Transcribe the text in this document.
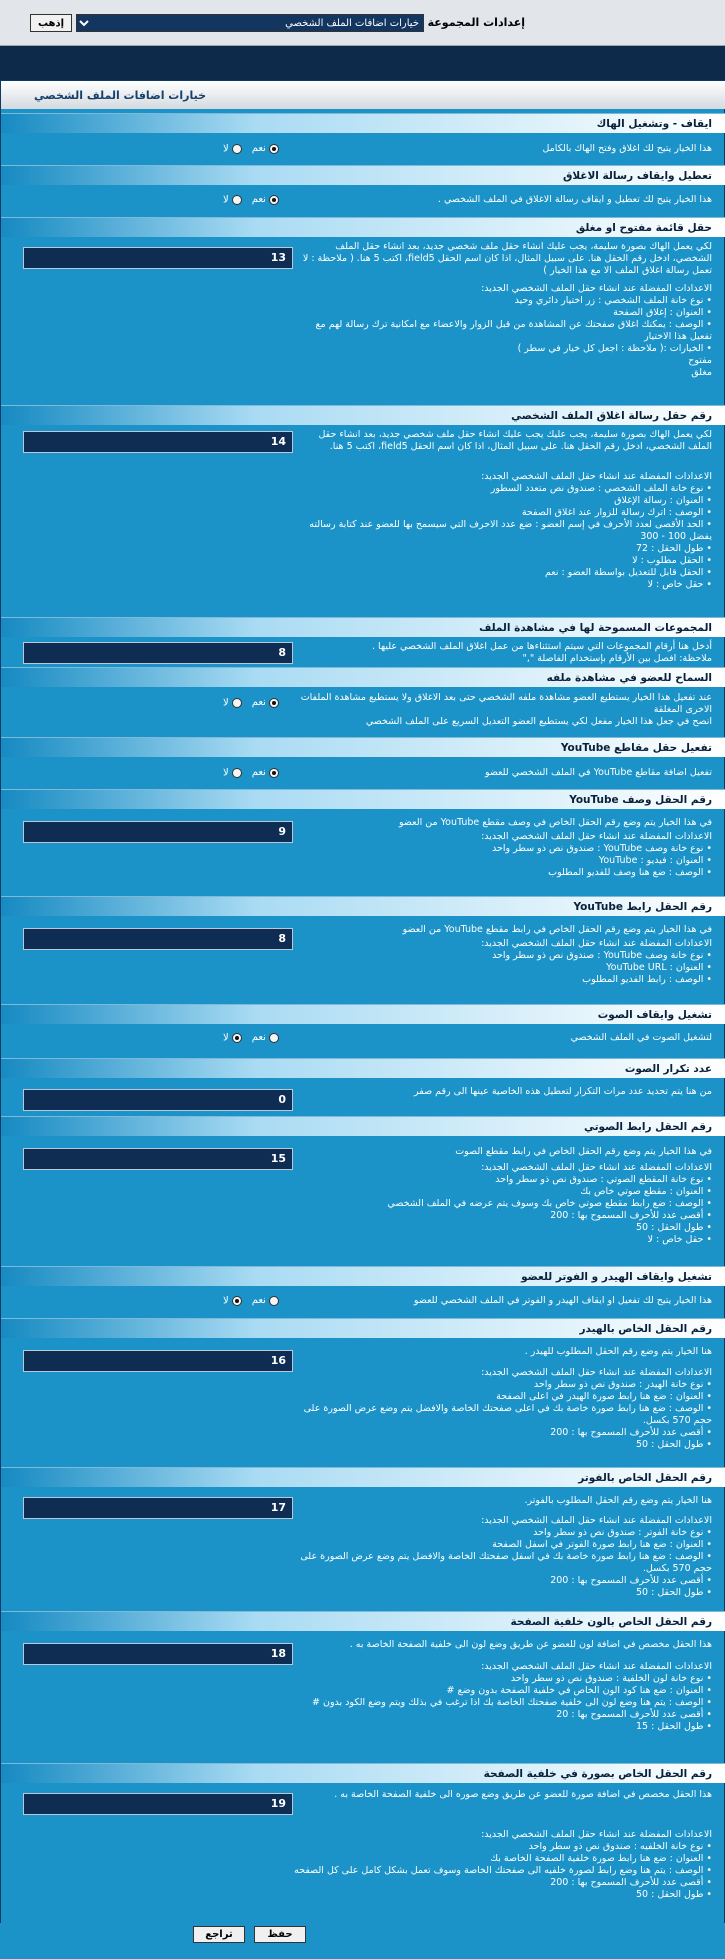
إعدادات المجموعة
خيارات اضافات الملف الشخصي
إذهب
خيارات اضافات الملف الشخصي
ايقاف - وتشغيل الهاك
هذا الخيار يتيح لك اغلاق وفتح الهاك بالكامل
نعملا
تعطيل وايقاف رسالة الاغلاق
هذا الخيار يتيح لك تعطيل و ايقاف رسالة الاغلاق في الملف الشخصي .
نعملا
حقل قائمة مفتوح او مغلق
13
لكي يعمل الهاك بصورة سليمة، يجب عليك انشاء حقل ملف شخصي جديد، بعد انشاء حقل الملف الشخصي، ادخل رقم الحقل هنا. على سبيل المثال، اذا كان اسم الحقل field5، اكتب 5 هنا. ( ملاحظة : لا تعمل رسالة اغلاق الملف الا مع هذا الخيار )
الاعدادات المفضلة عند انشاء حقل الملف الشخصي الجديد:
• نوع خانة الملف الشخصي : زر اختيار دائري وحيد
• العنوان : إغلاق الصفحة
• الوصف : يمكنك اغلاق صفحتك عن المشاهدة من قبل الزوار والاعضاء مع امكانية ترك رسالة لهم مع تفعيل هذا الاختيار
• الخيارات :( ملاحظة : اجعل كل خيار في سطر )
مفتوح
مغلق
رقم حقل رسالة اغلاق الملف الشخصي
14
لكي يعمل الهاك بصورة سليمة، يجب عليك يجب عليك انشاء حقل ملف شخصي جديد، بعد انشاء حقل الملف الشخصي، ادخل رقم الحقل هنا. على سبيل المثال، اذا كان اسم الحقل field5، اكتب 5 هنا.
الاعدادات المفضلة عند انشاء حقل الملف الشخصي الجديد:
• نوع خانة الملف الشخصي : صندوق نص متعدد السطور
• العنوان : رسالة الإغلاق
• الوصف : اترك رسالة للزوار عند اغلاق الصفحة
• الحد الأقصى لعدد الأحرف في إسم العضو : ضع عدد الاحرف التي سيسمح بها للعضو عند كتابة رسالته يفضل 100 - 300
• طول الحقل : 72
• الحقل مطلوب : لا
• الحقل قابل للتعديل بواسطة العضو : نعم
• حقل خاص : لا
المجموعات المسموحة لها في مشاهدة الملف
8	أدخل هنا أرقام المجموعات التي سيتم استثناءها من عمل اغلاق الملف الشخصي عليها .
ملاحظة: افصل بين الأرقام بإستخدام الفاصلة ","
السماح للعضو في مشاهدة ملفه
عند تفعيل هذا الخيار يستطيع العضو مشاهدة ملفه الشخصي حتى بعد الاغلاق ولا يستطيع مشاهدة الملفات الاخرى المغلقة
انصح في جعل هذا الخيار مفعل لكي يستطيع العضو التعديل السريع على الملف الشخصي
نعملا
تفعيل حقل مقاطع YouTube
تفعيل اضافة مقاطع YouTube في الملف الشخصي للعضو
نعملا
رقم الحقل وصف YouTube
9
في هذا الخيار يتم وضع رقم الحقل الخاص في وصف مقطع YouTube من العضو
الاعدادات المفضلة عند انشاء حقل الملف الشخصي الجديد:
• نوع خانة وصف YouTube : صندوق نص ذو سطر واحد
• العنوان : فيديو : YouTube
• الوصف : ضع هنا وصف للفديو المطلوب
رقم الحقل رابط YouTube
8
في هذا الخيار يتم وضع رقم الحقل الخاص في رابط مقطع YouTube من العضو
الاعدادات المفضلة عند انشاء حقل الملف الشخصي الجديد:
• نوع خانة وصف YouTube : صندوق نص ذو سطر واحد
• العنوان : YouTube URL
• الوصف : رابط الفديو المطلوب
تشغيل وايقاف الصوت
لتشغيل الصوت في الملف الشخصي
نعملا
عدد تكرار الصوت
0
من هنا يتم تحديد عدد مرات التكرار لتعطيل هذه الخاصية عينها الى رقم صفر
رقم الحقل رابط الصوتي
15
في هذا الخيار يتم وضع رقم الحقل الخاص في رابط مقطع الصوت
الاعدادات المفضلة عند انشاء حقل الملف الشخصي الجديد:
• نوع خانة المقطع الصوتي : صندوق نص ذو سطر واحد
• العنوان : مقطع صوتي خاص بك
• الوصف : ضع رابط مقطع صوتي خاص بك وسوف يتم عرضه في الملف الشخصي
• أقصى عدد للأحرف المسموح بها : 200
• طول الحقل : 50
• حقل خاص : لا
تشغيل وايقاف الهيدر و الفوتر للعضو
هذا الخيار يتيح لك تفعيل او ايقاف الهيدر و الفوتر في الملف الشخصي للعضو
نعملا
رقم الحقل الخاص بالهيدر
16
هنا الخيار يتم وضع رقم الحقل المطلوب للهيدر .
الاعدادات المفضلة عند انشاء حقل الملف الشخصي الجديد:
• نوع خانة الهيدر : صندوق نص ذو سطر واحد
• العنوان : ضع هنا رابط صورة الهيدر في اعلى الصفحة
• الوصف : ضع هنا رابط صورة خاصة بك في اعلى صفحتك الخاصة والافضل يتم وضع عرض الصورة على حجم 570 بكسل.
• أقصى عدد للأحرف المسموح بها : 200
• طول الحقل : 50
رقم الحقل الخاص بالفوتر
17
هنا الخيار يتم وضع رقم الحقل المطلوب بالفوتر.
الاعدادات المفضلة عند انشاء حقل الملف الشخصي الجديد:
• نوع خانة الفوتر : صندوق نص ذو سطر واحد
• العنوان : ضع هنا رابط صورة الفوتر في اسفل الصفحة
• الوصف : ضع هنا رابط صورة خاصة بك في اسفل صفحتك الخاصة والافضل يتم وضع عرض الصورة على حجم 570 بكسل.
• أقصى عدد للأحرف المسموح بها : 200
• طول الحقل : 50
رقم الحقل الخاص بالون خلفية الصفحة
18
هذا الحقل مخصص في اضافة لون للعضو عن طريق وضع لون الى خلفية الصفحة الخاصة به .
الاعدادات المفضلة عند انشاء حقل الملف الشخصي الجديد:
• نوع خانة لون الخلفية : صندوق نص ذو سطر واحد
• العنوان : ضع هنا كود الون الخاص في خلفية الصفحة بدون وضع #
• الوصف : يتم هنا وضع لون الى خلفية صفحتك الخاصة بك اذا ترغب في بذلك ويتم وضع الكود بدون #
• أقصى عدد للأحرف المسموح بها : 20
• طول الحقل : 15
رقم الحقل الخاص بصورة في خلفية الصفحة
19
هذا الحقل مخصص في اضافة صورة للعضو عن طريق وضع صوره الى خلفية الصفحة الخاصة به .
الاعدادات المفضلة عند انشاء حقل الملف الشخصي الجديد:
• نوع خانة الخلفيه : صندوق نص ذو سطر واحد
• العنوان : ضع هنا رابط صورة خلفية الصفحة الخاصة بك
• الوصف : يتم هنا وضع رابط لصورة خلفيه الى صفحتك الخاصة وسوف تعمل بشكل كامل على كل الصفحه
• أقصى عدد للأحرف المسموح بها : 200
• طول الحقل : 50
حفظ
تراجع
